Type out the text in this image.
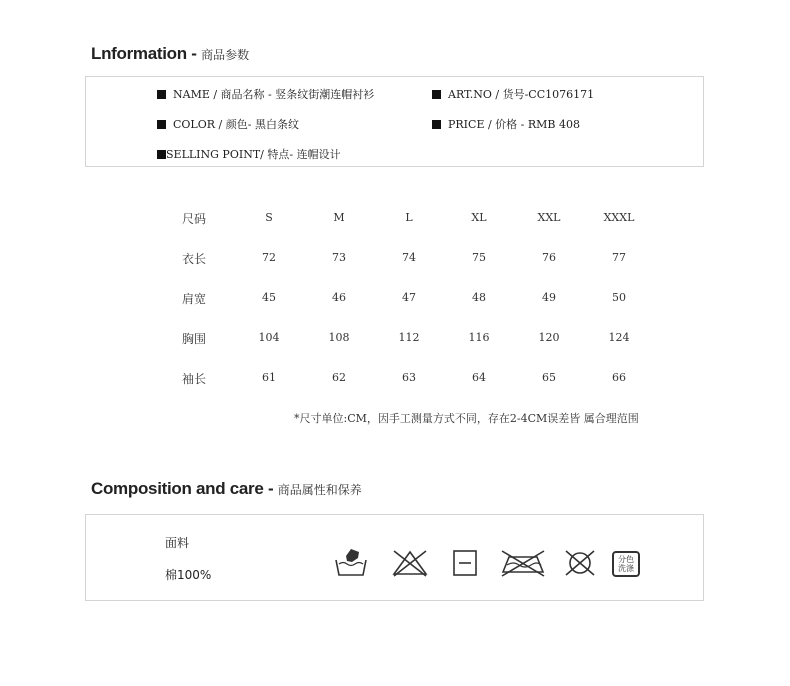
Lnformation - 商品参数
NAME / 商品名称 - 竖条纹街潮连帽衬衫	ART.NO / 货号-CC1076171
COLOR / 颜色- 黑白条纹	PRICE / 价格 - RMB 408
SELLING POINT/ 特点- 连帽设计
尺码	S	M	L	XL	XXL	XXXL
衣长	72	73	74	75	76	77
肩宽	45	46	47	48	49	50
胸围	104	108	112	116	120	124
袖长	61	62	63	64	65	66
*尺寸单位:CM，因手工测量方式不同，存在2-4CM误差皆 属合理范围
Composition and care - 商品属性和保养
面料
棉100%
分色
洗涤
